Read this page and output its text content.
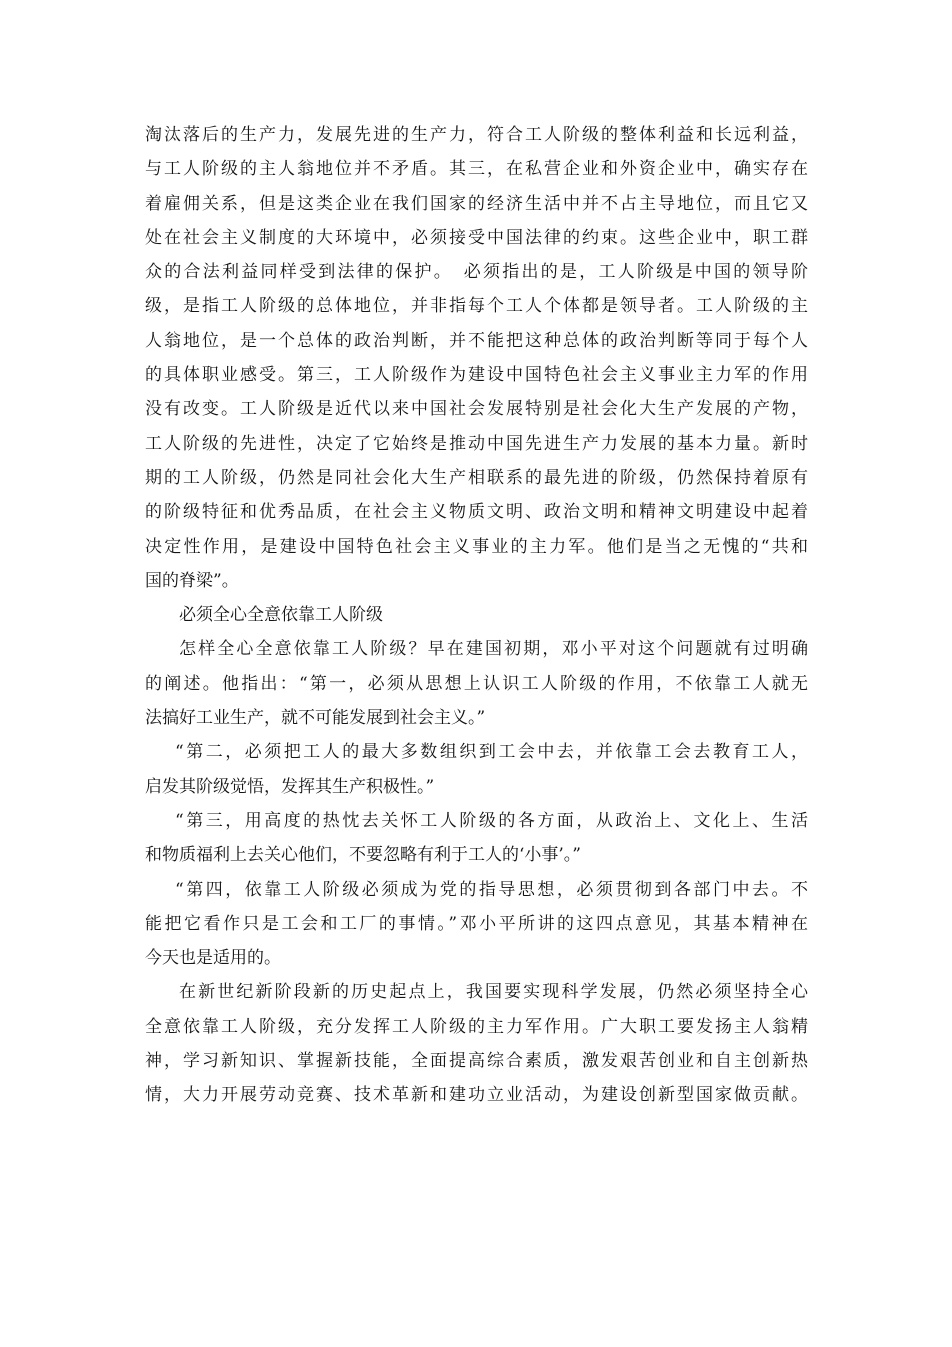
淘汰落后的生产力，发展先进的生产力，符合工人阶级的整体利益和长远利益，
与工人阶级的主人翁地位并不矛盾。其三，在私营企业和外资企业中，确实存在
着雇佣关系，但是这类企业在我们国家的经济生活中并不占主导地位，而且它又
处在社会主义制度的大环境中，必须接受中国法律的约束。这些企业中，职工群
众的合法利益同样受到法律的保护。　必须指出的是，工人阶级是中国的领导阶
级，是指工人阶级的总体地位，并非指每个工人个体都是领导者。工人阶级的主
人翁地位，是一个总体的政治判断，并不能把这种总体的政治判断等同于每个人
的具体职业感受。第三，工人阶级作为建设中国特色社会主义事业主力军的作用
没有改变。工人阶级是近代以来中国社会发展特别是社会化大生产发展的产物，
工人阶级的先进性，决定了它始终是推动中国先进生产力发展的基本力量。新时
期的工人阶级，仍然是同社会化大生产相联系的最先进的阶级，仍然保持着原有
的阶级特征和优秀品质，在社会主义物质文明、政治文明和精神文明建设中起着
决定性作用，是建设中国特色社会主义事业的主力军。他们是当之无愧的“共和
国的脊梁”。
必须全心全意依靠工人阶级
怎样全心全意依靠工人阶级？早在建国初期，邓小平对这个问题就有过明确
的阐述。他指出：“第一，必须从思想上认识工人阶级的作用，不依靠工人就无
法搞好工业生产，就不可能发展到社会主义。”
“第二，必须把工人的最大多数组织到工会中去，并依靠工会去教育工人，
启发其阶级觉悟，发挥其生产积极性。”
“第三，用高度的热忱去关怀工人阶级的各方面，从政治上、文化上、生活
和物质福利上去关心他们，不要忽略有利于工人的‘小事’。”
“第四，依靠工人阶级必须成为党的指导思想，必须贯彻到各部门中去。不
能把它看作只是工会和工厂的事情。”邓小平所讲的这四点意见，其基本精神在
今天也是适用的。
在新世纪新阶段新的历史起点上，我国要实现科学发展，仍然必须坚持全心
全意依靠工人阶级，充分发挥工人阶级的主力军作用。广大职工要发扬主人翁精
神，学习新知识、掌握新技能，全面提高综合素质，激发艰苦创业和自主创新热
情，大力开展劳动竞赛、技术革新和建功立业活动，为建设创新型国家做贡献。
